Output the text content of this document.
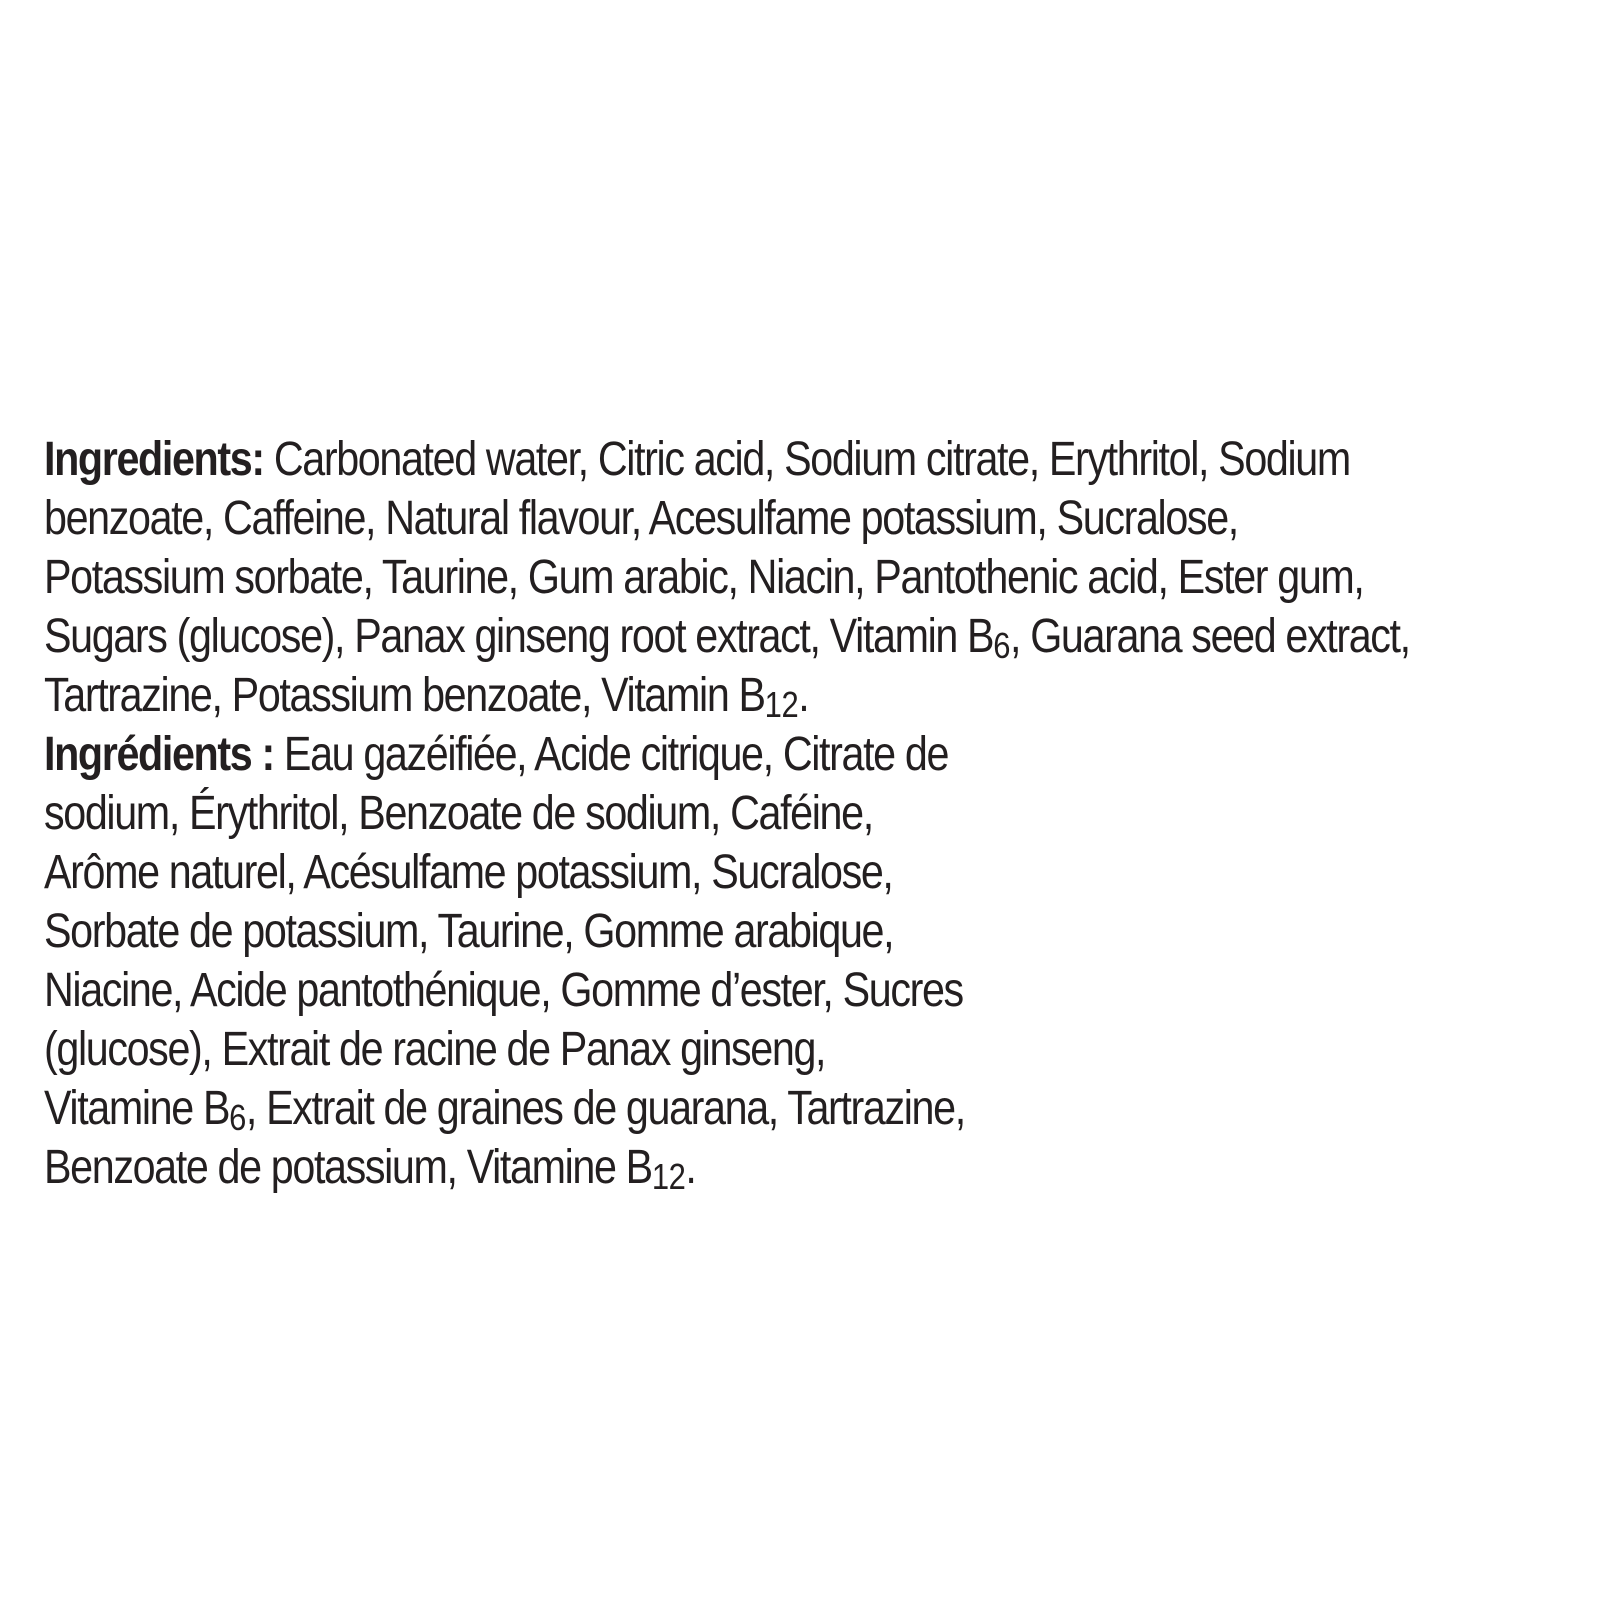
Ingredients: Carbonated water, Citric acid, Sodium citrate, Erythritol, Sodium
benzoate, Caffeine, Natural flavour, Acesulfame potassium, Sucralose,
Potassium sorbate, Taurine, Gum arabic, Niacin, Pantothenic acid, Ester gum,
Sugars (glucose), Panax ginseng root extract, Vitamin B6, Guarana seed extract,
Tartrazine, Potassium benzoate, Vitamin B12.
Ingrédients : Eau gazéifiée, Acide citrique, Citrate de
sodium, Érythritol, Benzoate de sodium, Caféine,
Arôme naturel, Acésulfame potassium, Sucralose,
Sorbate de potassium, Taurine, Gomme arabique,
Niacine, Acide pantothénique, Gomme d’ester, Sucres
(glucose), Extrait de racine de Panax ginseng,
Vitamine B6, Extrait de graines de guarana, Tartrazine,
Benzoate de potassium, Vitamine B12.
